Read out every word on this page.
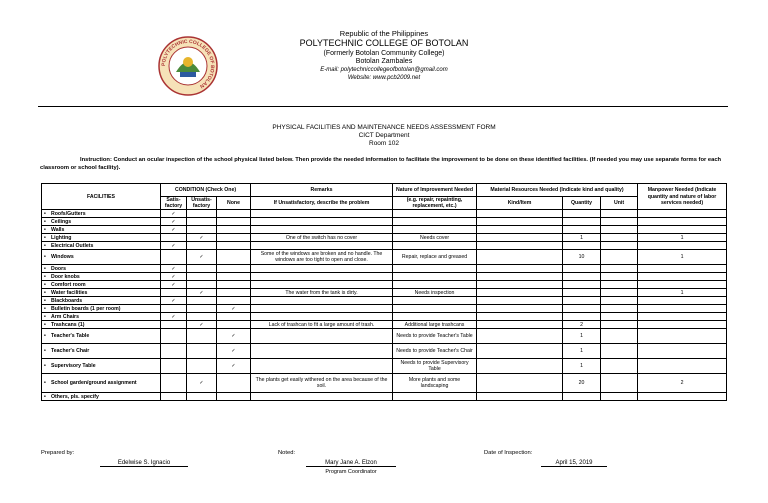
POLYTECHNIC COLLEGE OF BOTOLAN
Republic of the Philippines
POLYTECHNIC COLLEGE OF BOTOLAN
(Formerly Botolan Community College)
Botolan Zambales
E-mail: polytechniccollegeofbotolan@gmail.com
Website: www.pcb2009.net
PHYSICAL FACILITIES AND MAINTENANCE NEEDS ASSESSMENT FORM
CICT Department
Room 102
Instruction: Conduct an ocular inspection of the school physical listed below. Then provide the needed information to facilitate the improvement to be done on these identified facilities. (If needed you may use separate forms for each classroom or school facility).
FACILITIES	CONDITION (Check One)			Remarks	Nature of Improvement Needed	Material Resources Needed (Indicate kind and quality)			Manpower Needed (Indicate quantity and nature of labor services needed)
	Satis-factory	Unsatis-factory	None	If Unsatisfactory, describe the problem	(e.g. repair, repainting, replacement, etc.)	Kind/Item	Quantity	Unit	
• Roofs/Gutters	✓								
• Ceilings	✓								
• Walls	✓								
• Lighting		✓		One of the switch has no cover	Needs cover		1		1
• Electrical Outlets	✓								
• Windows		✓		Some of the windows are broken and no handle. The windows are too tight to open and close.	Repair, replace and greased		10		1
• Doors	✓								
• Door knobs	✓								
• Comfort room	✓								
• Water facilities		✓		The water from the tank is dirty.	Needs inspection				1
• Blackboards	✓								
• Bulletin boards (1 per room)			✓						
• Arm Chairs	✓								
• Trashcans (1)		✓		Lack of trashcan to fit a large amount of trash.	Additional large trashcans		2		
• Teacher's Table			✓		Needs to provide Teacher's Table		1		
• Teacher's Chair			✓		Needs to provide Teacher's Chair		1		
• Supervisory Table			✓		Needs to provide Supervisory Table		1		
• School garden/ground assignment		✓		The plants get easily withered on the area because of the soil.	More plants and some landscaping		20		2
• Others, pls. specify									
Prepared by:
Edelwise S. Ignacio
Noted:
Mary Jane A. Elzon
Program Coordinator
Date of Inspection:
April 15, 2019
